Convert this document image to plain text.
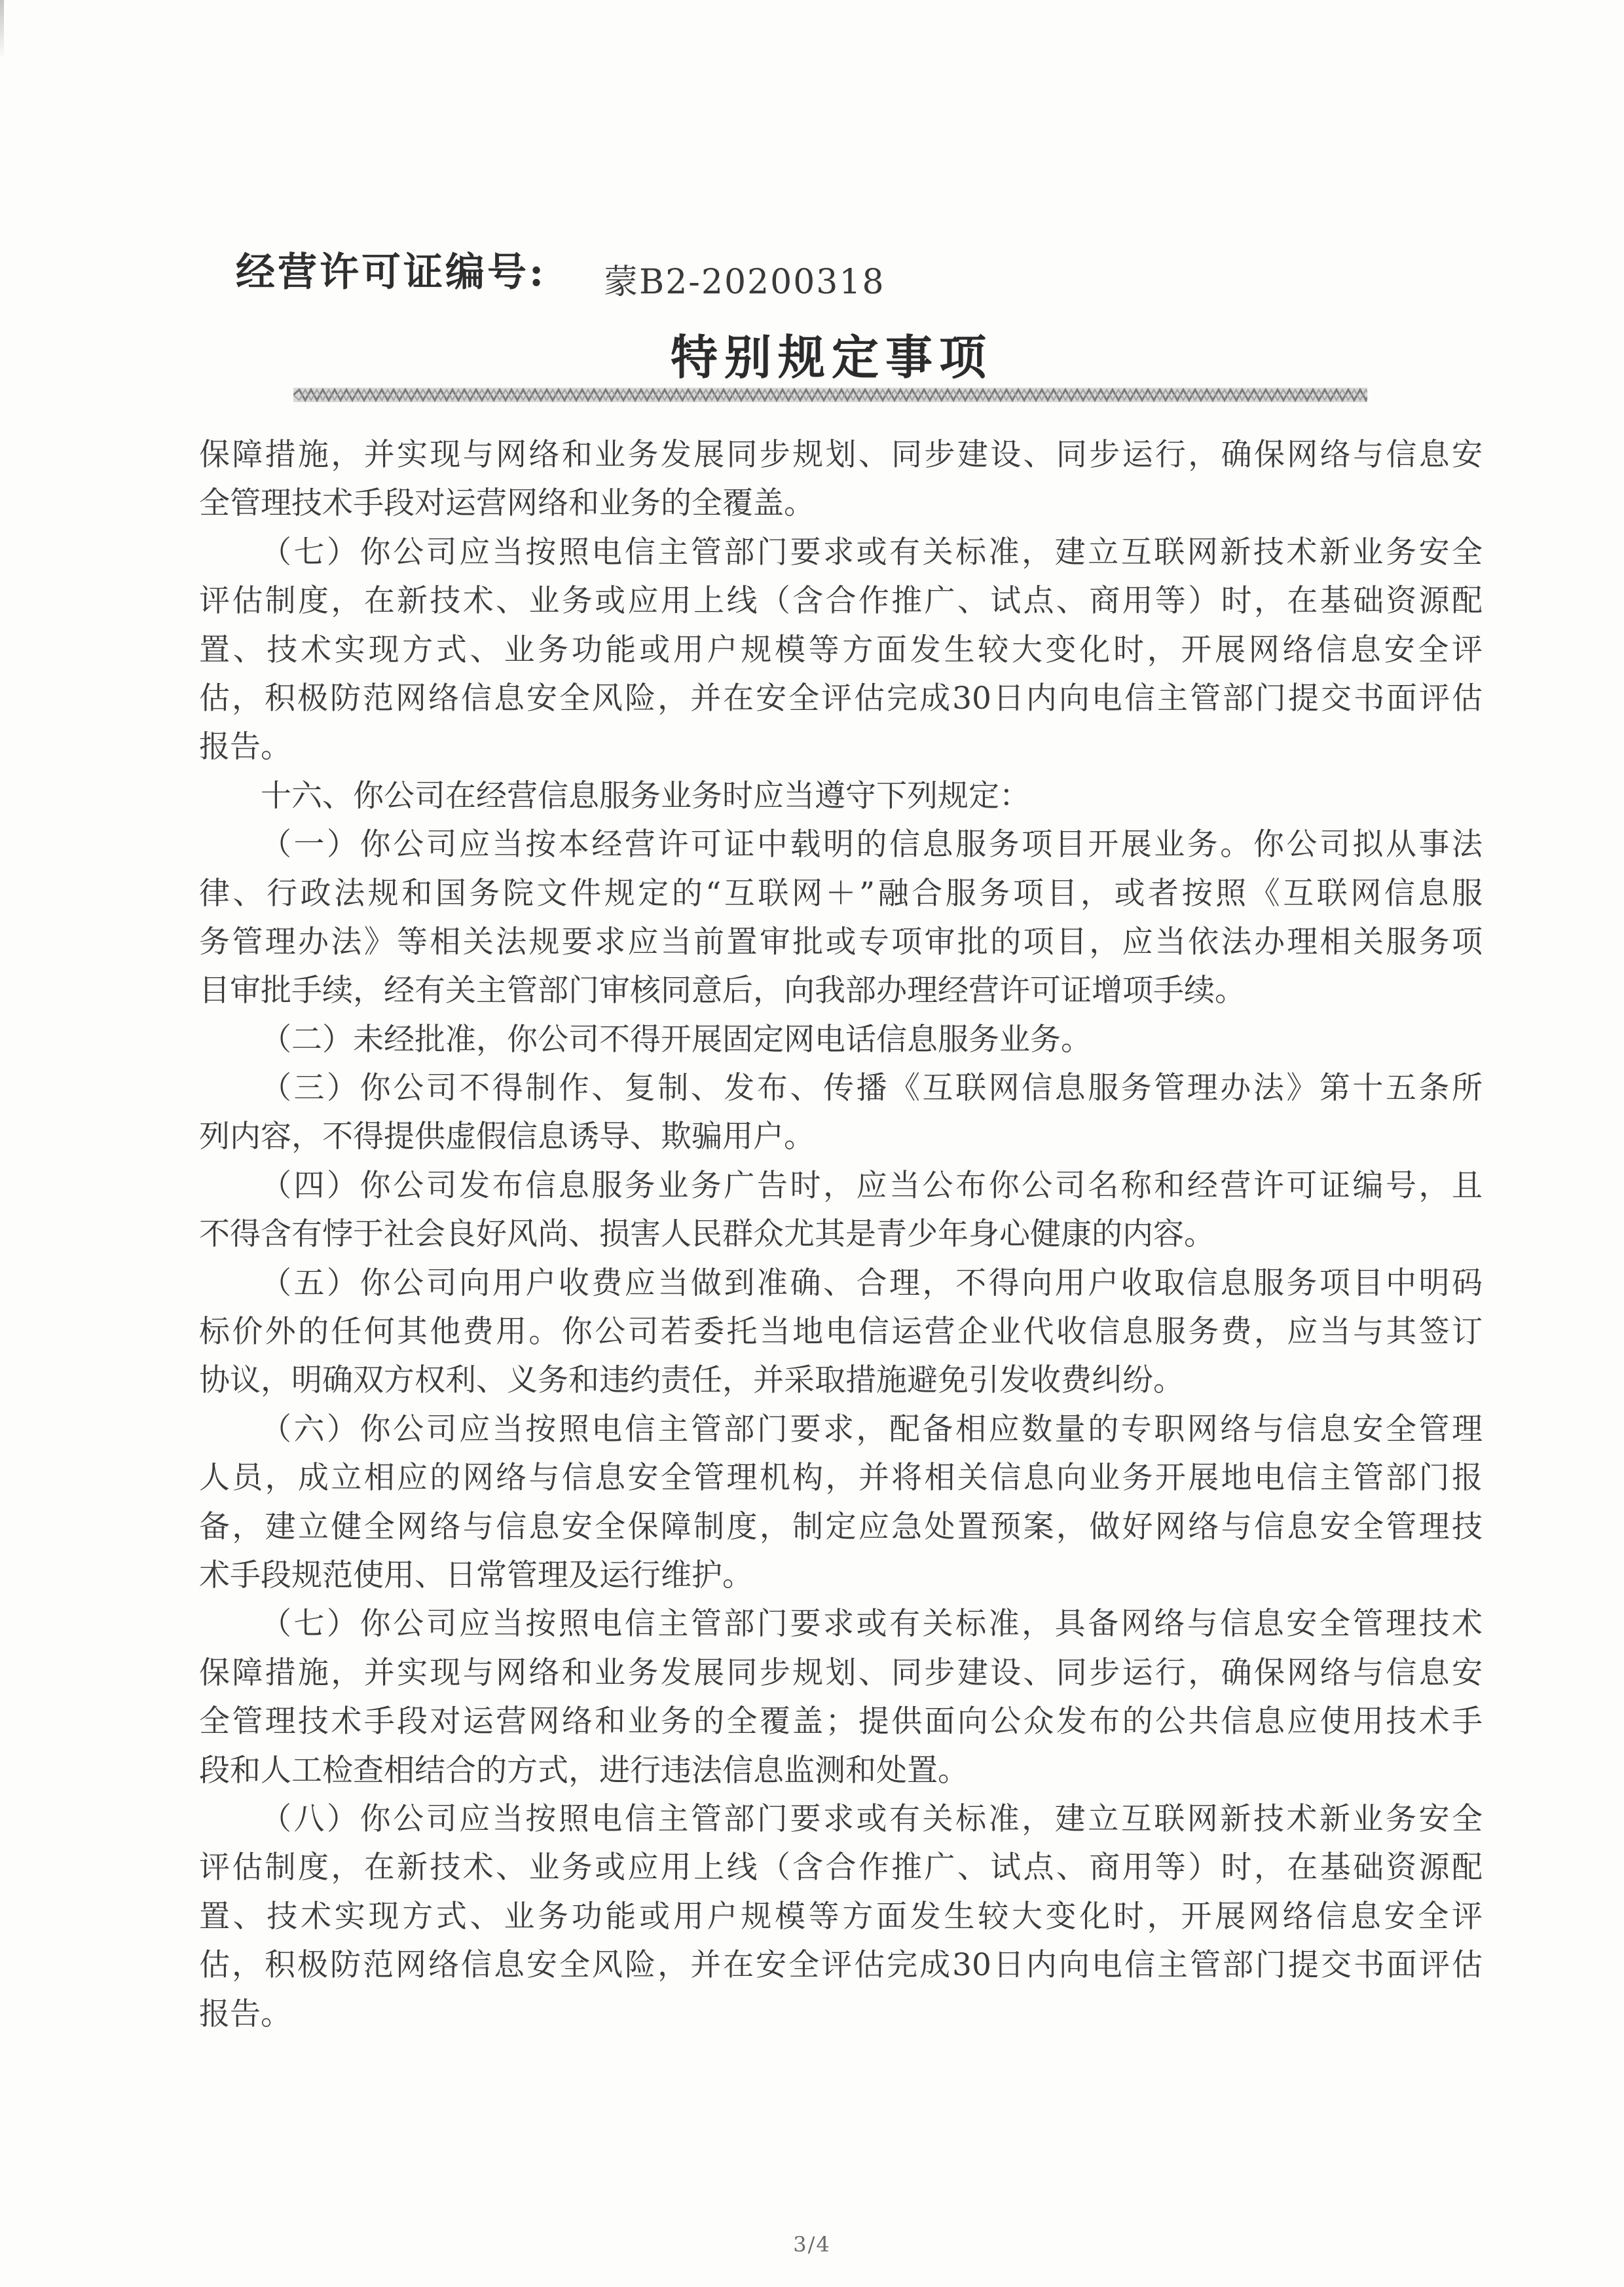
经营许可证编号: 蒙B2-20200318
特别规定事项
保障措施，并实现与网络和业务发展同步规划、同步建设、同步运行，确保网络与信息安
全管理技术手段对运营网络和业务的全覆盖。
（七）你公司应当按照电信主管部门要求或有关标准，建立互联网新技术新业务安全
评估制度，在新技术、业务或应用上线（含合作推广、试点、商用等）时，在基础资源配
置、技术实现方式、业务功能或用户规模等方面发生较大变化时，开展网络信息安全评
估，积极防范网络信息安全风险，并在安全评估完成30日内向电信主管部门提交书面评估
报告。
十六、你公司在经营信息服务业务时应当遵守下列规定：
（一）你公司应当按本经营许可证中载明的信息服务项目开展业务。你公司拟从事法
律、行政法规和国务院文件规定的“互联网＋”融合服务项目，或者按照《互联网信息服
务管理办法》等相关法规要求应当前置审批或专项审批的项目，应当依法办理相关服务项
目审批手续，经有关主管部门审核同意后，向我部办理经营许可证增项手续。
（二）未经批准，你公司不得开展固定网电话信息服务业务。
（三）你公司不得制作、复制、发布、传播《互联网信息服务管理办法》第十五条所
列内容，不得提供虚假信息诱导、欺骗用户。
（四）你公司发布信息服务业务广告时，应当公布你公司名称和经营许可证编号，且
不得含有悖于社会良好风尚、损害人民群众尤其是青少年身心健康的内容。
（五）你公司向用户收费应当做到准确、合理，不得向用户收取信息服务项目中明码
标价外的任何其他费用。你公司若委托当地电信运营企业代收信息服务费，应当与其签订
协议，明确双方权利、义务和违约责任，并采取措施避免引发收费纠纷。
（六）你公司应当按照电信主管部门要求，配备相应数量的专职网络与信息安全管理
人员，成立相应的网络与信息安全管理机构，并将相关信息向业务开展地电信主管部门报
备，建立健全网络与信息安全保障制度，制定应急处置预案，做好网络与信息安全管理技
术手段规范使用、日常管理及运行维护。
（七）你公司应当按照电信主管部门要求或有关标准，具备网络与信息安全管理技术
保障措施，并实现与网络和业务发展同步规划、同步建设、同步运行，确保网络与信息安
全管理技术手段对运营网络和业务的全覆盖；提供面向公众发布的公共信息应使用技术手
段和人工检查相结合的方式，进行违法信息监测和处置。
（八）你公司应当按照电信主管部门要求或有关标准，建立互联网新技术新业务安全
评估制度，在新技术、业务或应用上线（含合作推广、试点、商用等）时，在基础资源配
置、技术实现方式、业务功能或用户规模等方面发生较大变化时，开展网络信息安全评
估，积极防范网络信息安全风险，并在安全评估完成30日内向电信主管部门提交书面评估
报告。
3/4
